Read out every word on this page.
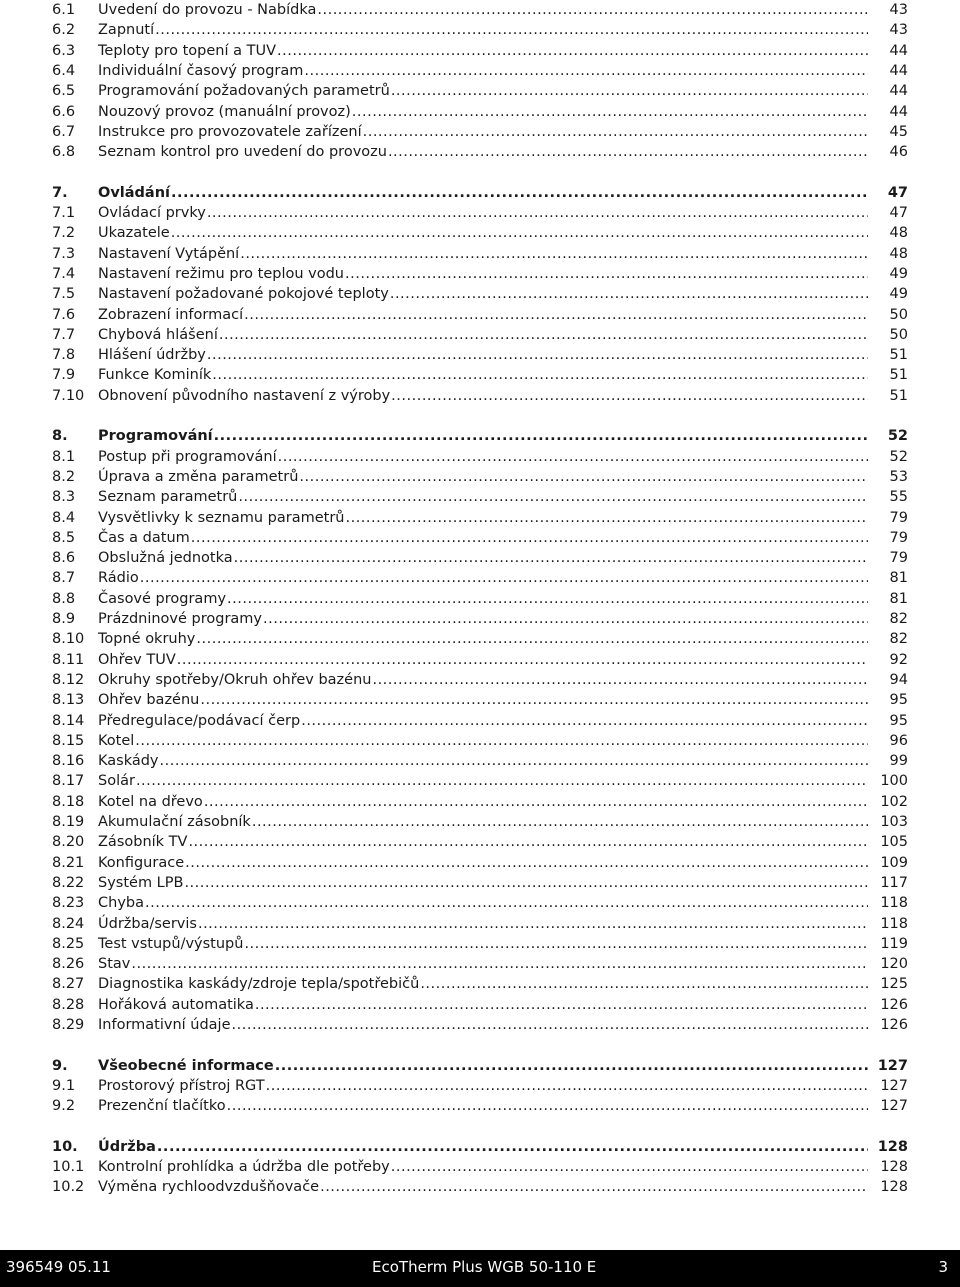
6.1	Uvedení do provozu - Nabídka .....	43
6.2	Zapnutí .....	43
6.3	Teploty pro topení a TUV .....	44
6.4	Individuální časový program .....	44
6.5	Programování požadovaných parametrů .....	44
6.6	Nouzový provoz (manuální provoz) .....	44
6.7	Instrukce pro provozovatele zařízení .....	45
6.8	Seznam kontrol pro uvedení do provozu .....	46
7.	Ovládání .....	47
7.1	Ovládací prvky .....	47
7.2	Ukazatele .....	48
7.3	Nastavení Vytápění .....	48
7.4	Nastavení režimu pro teplou vodu .....	49
7.5	Nastavení požadované pokojové teploty .....	49
7.6	Zobrazení informací .....	50
7.7	Chybová hlášení .....	50
7.8	Hlášení údržby .....	51
7.9	Funkce Kominík .....	51
7.10 Obnovení původního nastavení z výroby .....	51
8.	Programování .....	52
8.1	Postup při programování .....	52
8.2	Úprava a změna parametrů .....	53
8.3	Seznam parametrů .....	55
8.4	Vysvětlivky k seznamu parametrů .....	79
8.5	Čas a datum .....	79
8.6	Obslužná jednotka .....	79
8.7	Rádio .....	81
8.8	Časové programy .....	81
8.9	Prázdninové programy .....	82
8.10 Topné okruhy .....	82
8.11 Ohřev TUV .....	92
8.12 Okruhy spotřeby/Okruh ohřev bazénu .....	94
8.13 Ohřev bazénu .....	95
8.14 Předregulace/podávací čerp .....	95
8.15 Kotel .....	96
8.16 Kaskády .....	99
8.17 Solár .....	100
8.18 Kotel na dřevo .....	102
8.19 Akumulační zásobník .....	103
8.20 Zásobník TV .....	105
8.21 Konfigurace .....	109
8.22 Systém LPB .....	117
8.23 Chyba .....	118
8.24 Údržba/servis .....	118
8.25 Test vstupů/výstupů .....	119
8.26 Stav .....	120
8.27 Diagnostika kaskády/zdroje tepla/spotřebičů .....	125
8.28 Hořáková automatika .....	126
8.29 Informativní údaje .....	126
9.	Všeobecné informace .....	127
9.1	Prostorový přístroj RGT .....	127
9.2	Prezenční tlačítko .....	127
10.	Údržba .....	128
10.1 Kontrolní prohlídka a údržba dle potřeby .....	128
10.2 Výměna rychloodvzdušňovače .....	128
396549 05.11	EcoTherm Plus WGB 50-110 E	3
